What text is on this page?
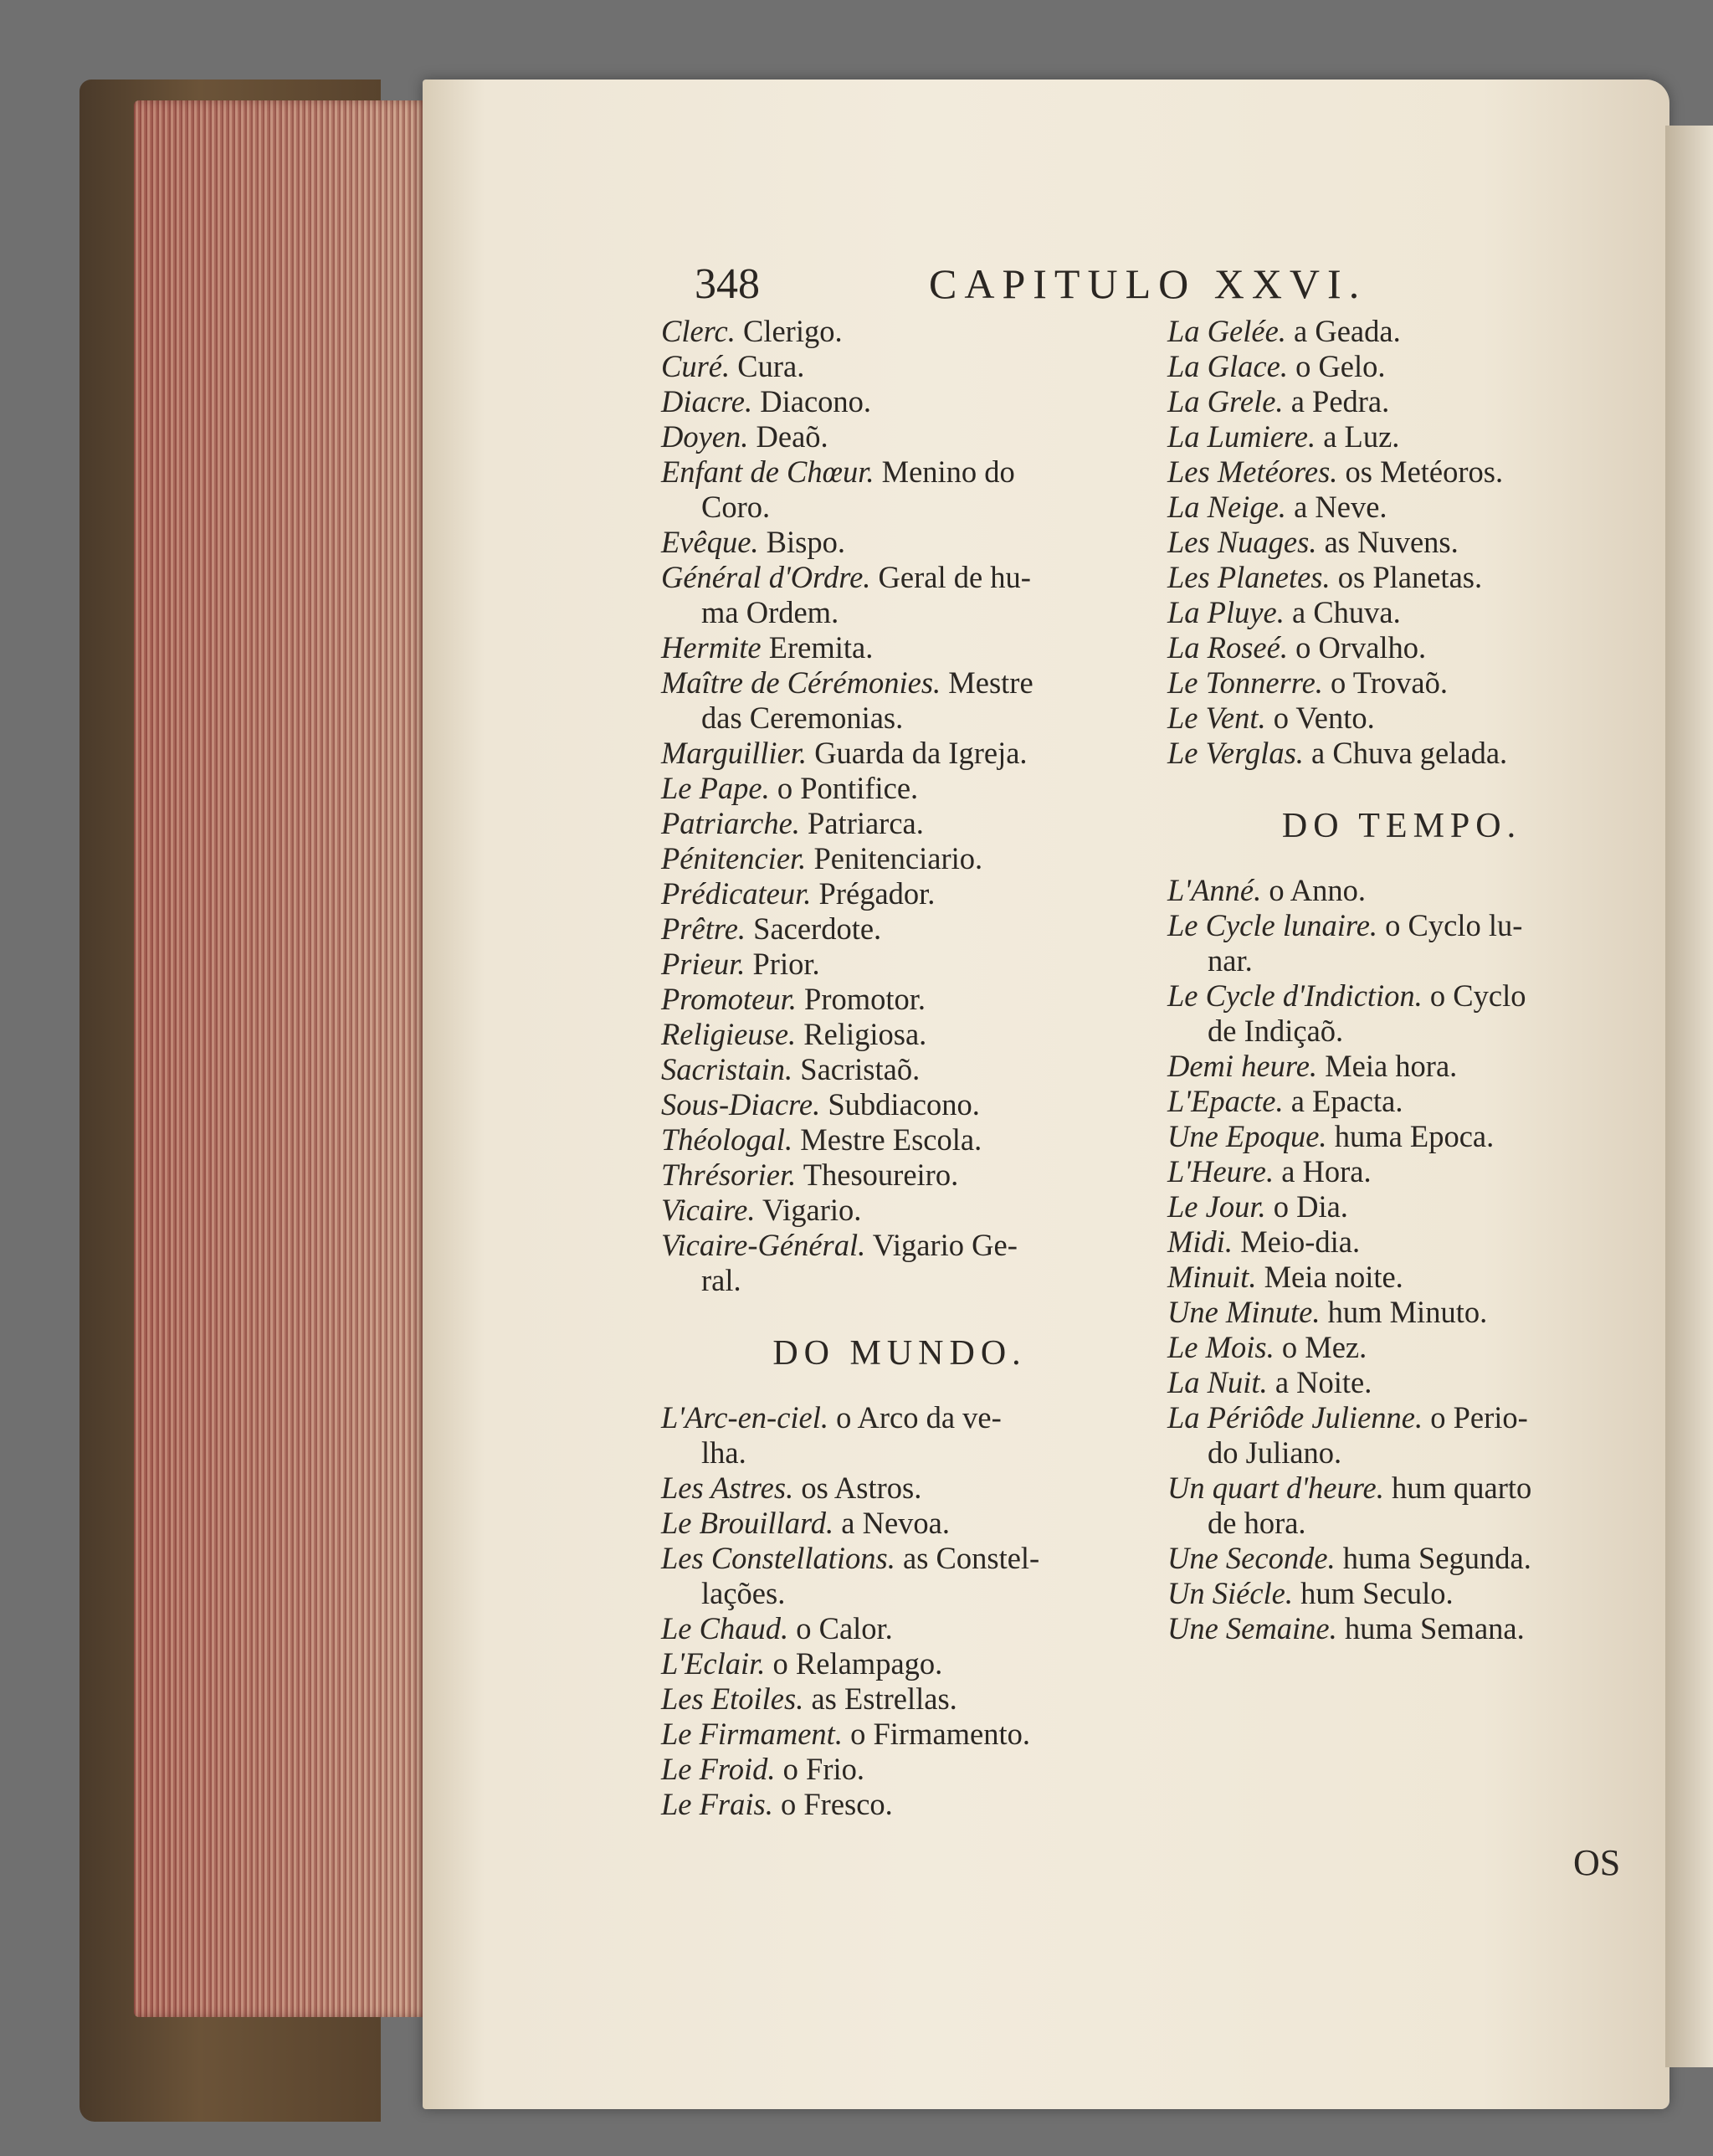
348	CAPITULO XXVI.
Clerc. Clerigo.
Curé. Cura.
Diacre. Diacono.
Doyen. Deaõ.
Enfant de Chœur. Menino do
Coro.
Evêque. Bispo.
Général d'Ordre. Geral de hu-
ma Ordem.
Hermite Eremita.
Maître de Cérémonies. Mestre
das Ceremonias.
Marguillier. Guarda da Igreja.
Le Pape. o Pontifice.
Patriarche. Patriarca.
Pénitencier. Penitenciario.
Prédicateur. Prégador.
Prêtre. Sacerdote.
Prieur. Prior.
Promoteur. Promotor.
Religieuse. Religiosa.
Sacristain. Sacristaõ.
Sous-Diacre. Subdiacono.
Théologal. Mestre Escola.
Thrésorier. Thesoureiro.
Vicaire. Vigario.
Vicaire-Général. Vigario Ge-
ral.
DO MUNDO.
L'Arc-en-ciel. o Arco da ve-
lha.
Les Astres. os Astros.
Le Brouillard. a Nevoa.
Les Constellations. as Constel-
lações.
Le Chaud. o Calor.
L'Eclair. o Relampago.
Les Etoiles. as Estrellas.
Le Firmament. o Firmamento.
Le Froid. o Frio.
Le Frais. o Fresco.
La Gelée. a Geada.
La Glace. o Gelo.
La Grele. a Pedra.
La Lumiere. a Luz.
Les Metéores. os Metéoros.
La Neige. a Neve.
Les Nuages. as Nuvens.
Les Planetes. os Planetas.
La Pluye. a Chuva.
La Roseé. o Orvalho.
Le Tonnerre. o Trovaõ.
Le Vent. o Vento.
Le Verglas. a Chuva gelada.
DO TEMPO.
L'Anné. o Anno.
Le Cycle lunaire. o Cyclo lu-
nar.
Le Cycle d'Indiction. o Cyclo
de Indiçaõ.
Demi heure. Meia hora.
L'Epacte. a Epacta.
Une Epoque. huma Epoca.
L'Heure. a Hora.
Le Jour. o Dia.
Midi. Meio-dia.
Minuit. Meia noite.
Une Minute. hum Minuto.
Le Mois. o Mez.
La Nuit. a Noite.
La Périôde Julienne. o Perio-
do Juliano.
Un quart d'heure. hum quarto
de hora.
Une Seconde. huma Segunda.
Un Siécle. hum Seculo.
Une Semaine. huma Semana.
OS
